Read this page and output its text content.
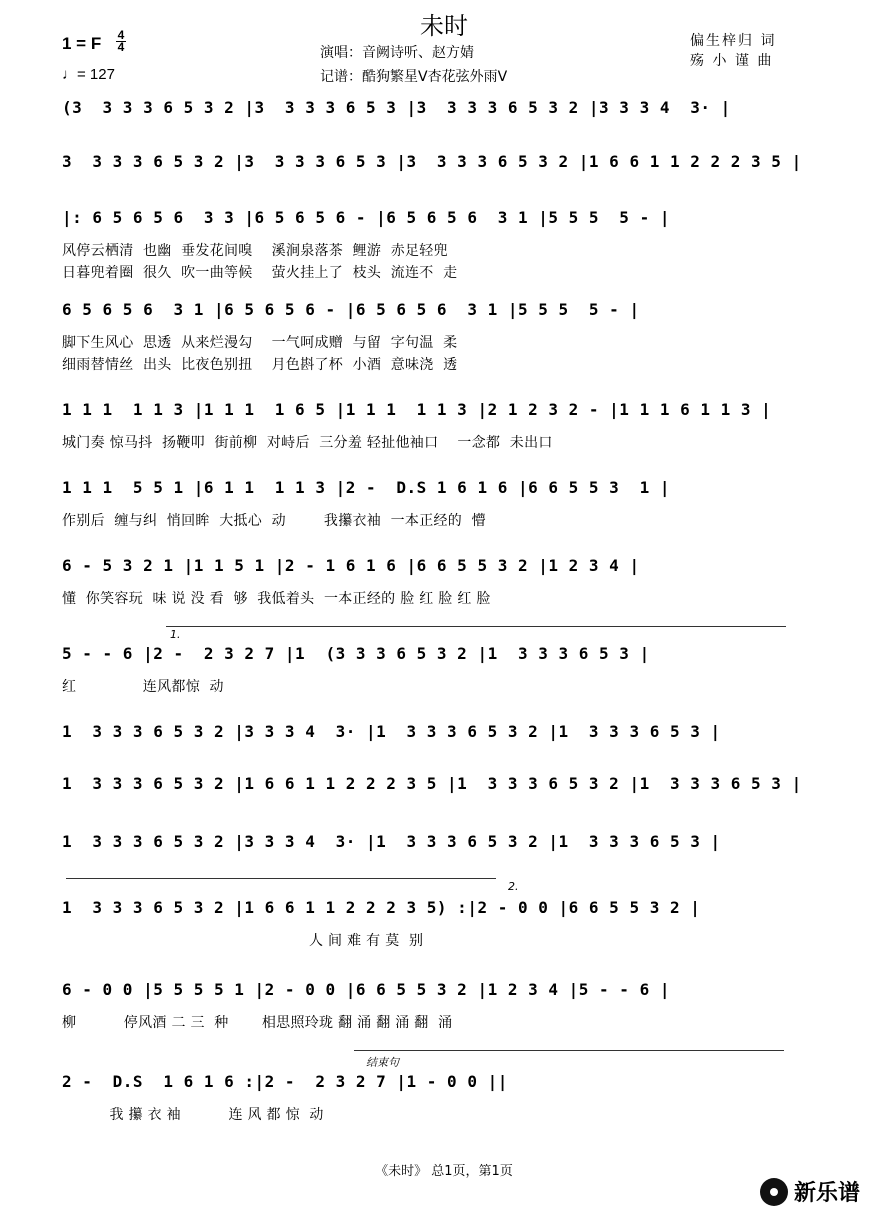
未时
1 = F 4
4
♩= 127
演唱：音阙诗听、赵方婧
记谱：酷狗繁星V杏花弦外雨V
偏生梓归 词
殇 小 谨 曲
(3  3 3 3 6 5 3 2 |3  3 3 3 6 5 3 |3  3 3 3 6 5 3 2 |3 3 3 4  3· |
3  3 3 3 6 5 3 2 |3  3 3 3 6 5 3 |3  3 3 3 6 5 3 2 |1 6 6 1 1 2 2 2 3 5 |
|: 6 5 6 5 6  3 3 |6 5 6 5 6 - |6 5 6 5 6  3 1 |5 5 5  5 - |
风停云栖清  也幽  垂发花间嗅    溪涧泉落茶  鲤游  赤足轻兜
日暮兜着圈  很久  吹一曲等候    萤火挂上了  枝头  流连不  走
6 5 6 5 6  3 1 |6 5 6 5 6 - |6 5 6 5 6  3 1 |5 5 5  5 - |
脚下生风心  思透  从来烂漫勾    一气呵成赠  与留  字句温  柔
细雨替情丝  出头  比夜色别扭    月色斟了杯  小酒  意味浇  透
1 1 1  1 1 3 |1 1 1  1 6 5 |1 1 1  1 1 3 |2 1 2 3 2 - |1 1 1 6 1 1 3 |
城门奏 惊马抖  扬鞭叩  街前柳  对峙后  三分羞 轻扯他袖口    一念都  未出口
1 1 1  5 5 1 |6 1 1  1 1 3 |2 -  D.S 1 6 1 6 |6 6 5 5 3  1 |
作别后  缠与纠  悄回眸  大抵心  动        我攥衣袖  一本正经的  懵
6 - 5 3 2 1 |1 1 5 1 |2 - 1 6 1 6 |6 6 5 5 3 2 |1 2 3 4 |
懂  你笑容玩  味 说 没 看  够  我低着头  一本正经的 脸 红 脸 红 脸
5 - - 6 |2 -  2 3 2 7 |1  (3 3 3 6 5 3 2 |1  3 3 3 6 5 3 |
红              连风都惊  动
1  3 3 3 6 5 3 2 |3 3 3 4  3· |1  3 3 3 6 5 3 2 |1  3 3 3 6 5 3 |
1  3 3 3 6 5 3 2 |1 6 6 1 1 2 2 2 3 5 |1  3 3 3 6 5 3 2 |1  3 3 3 6 5 3 |
1  3 3 3 6 5 3 2 |3 3 3 4  3· |1  3 3 3 6 5 3 2 |1  3 3 3 6 5 3 |
1  3 3 3 6 5 3 2 |1 6 6 1 1 2 2 2 3 5) :|2 - 0 0 |6 6 5 5 3 2 |
人 间 难 有 莫  别
6 - 0 0 |5 5 5 5 1 |2 - 0 0 |6 6 5 5 3 2 |1 2 3 4 |5 - - 6 |
柳          停风酒 二 三  种       相思照玲珑 翻 涌 翻 涌 翻  涌
2 -  D.S  1 6 1 6 :|2 -  2 3 2 7 |1 - 0 0 ||
我 攥 衣 袖          连 风 都 惊  动
《未时》 总1页，第1页
新乐谱
1.
2.
结束句
